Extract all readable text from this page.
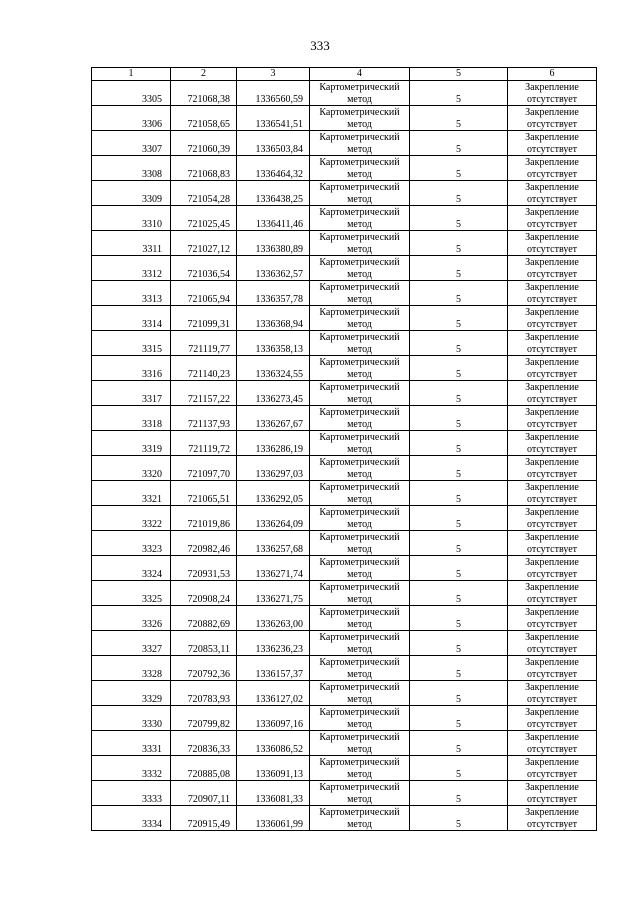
333
1	2	3	4	5	6
3305	721068,38	1336560,59	Картометрический
метод	5	Закрепление
отсутствует

3306	721058,65	1336541,51	Картометрический
метод	5	Закрепление
отсутствует

3307	721060,39	1336503,84	Картометрический
метод	5	Закрепление
отсутствует

3308	721068,83	1336464,32	Картометрический
метод	5	Закрепление
отсутствует

3309	721054,28	1336438,25	Картометрический
метод	5	Закрепление
отсутствует

3310	721025,45	1336411,46	Картометрический
метод	5	Закрепление
отсутствует

3311	721027,12	1336380,89	Картометрический
метод	5	Закрепление
отсутствует

3312	721036,54	1336362,57	Картометрический
метод	5	Закрепление
отсутствует

3313	721065,94	1336357,78	Картометрический
метод	5	Закрепление
отсутствует

3314	721099,31	1336368,94	Картометрический
метод	5	Закрепление
отсутствует

3315	721119,77	1336358,13	Картометрический
метод	5	Закрепление
отсутствует

3316	721140,23	1336324,55	Картометрический
метод	5	Закрепление
отсутствует

3317	721157,22	1336273,45	Картометрический
метод	5	Закрепление
отсутствует

3318	721137,93	1336267,67	Картометрический
метод	5	Закрепление
отсутствует

3319	721119,72	1336286,19	Картометрический
метод	5	Закрепление
отсутствует

3320	721097,70	1336297,03	Картометрический
метод	5	Закрепление
отсутствует

3321	721065,51	1336292,05	Картометрический
метод	5	Закрепление
отсутствует

3322	721019,86	1336264,09	Картометрический
метод	5	Закрепление
отсутствует

3323	720982,46	1336257,68	Картометрический
метод	5	Закрепление
отсутствует

3324	720931,53	1336271,74	Картометрический
метод	5	Закрепление
отсутствует

3325	720908,24	1336271,75	Картометрический
метод	5	Закрепление
отсутствует

3326	720882,69	1336263,00	Картометрический
метод	5	Закрепление
отсутствует

3327	720853,11	1336236,23	Картометрический
метод	5	Закрепление
отсутствует

3328	720792,36	1336157,37	Картометрический
метод	5	Закрепление
отсутствует

3329	720783,93	1336127,02	Картометрический
метод	5	Закрепление
отсутствует

3330	720799,82	1336097,16	Картометрический
метод	5	Закрепление
отсутствует

3331	720836,33	1336086,52	Картометрический
метод	5	Закрепление
отсутствует

3332	720885,08	1336091,13	Картометрический
метод	5	Закрепление
отсутствует

3333	720907,11	1336081,33	Картометрический
метод	5	Закрепление
отсутствует

3334	720915,49	1336061,99	Картометрический
метод	5	Закрепление
отсутствует
